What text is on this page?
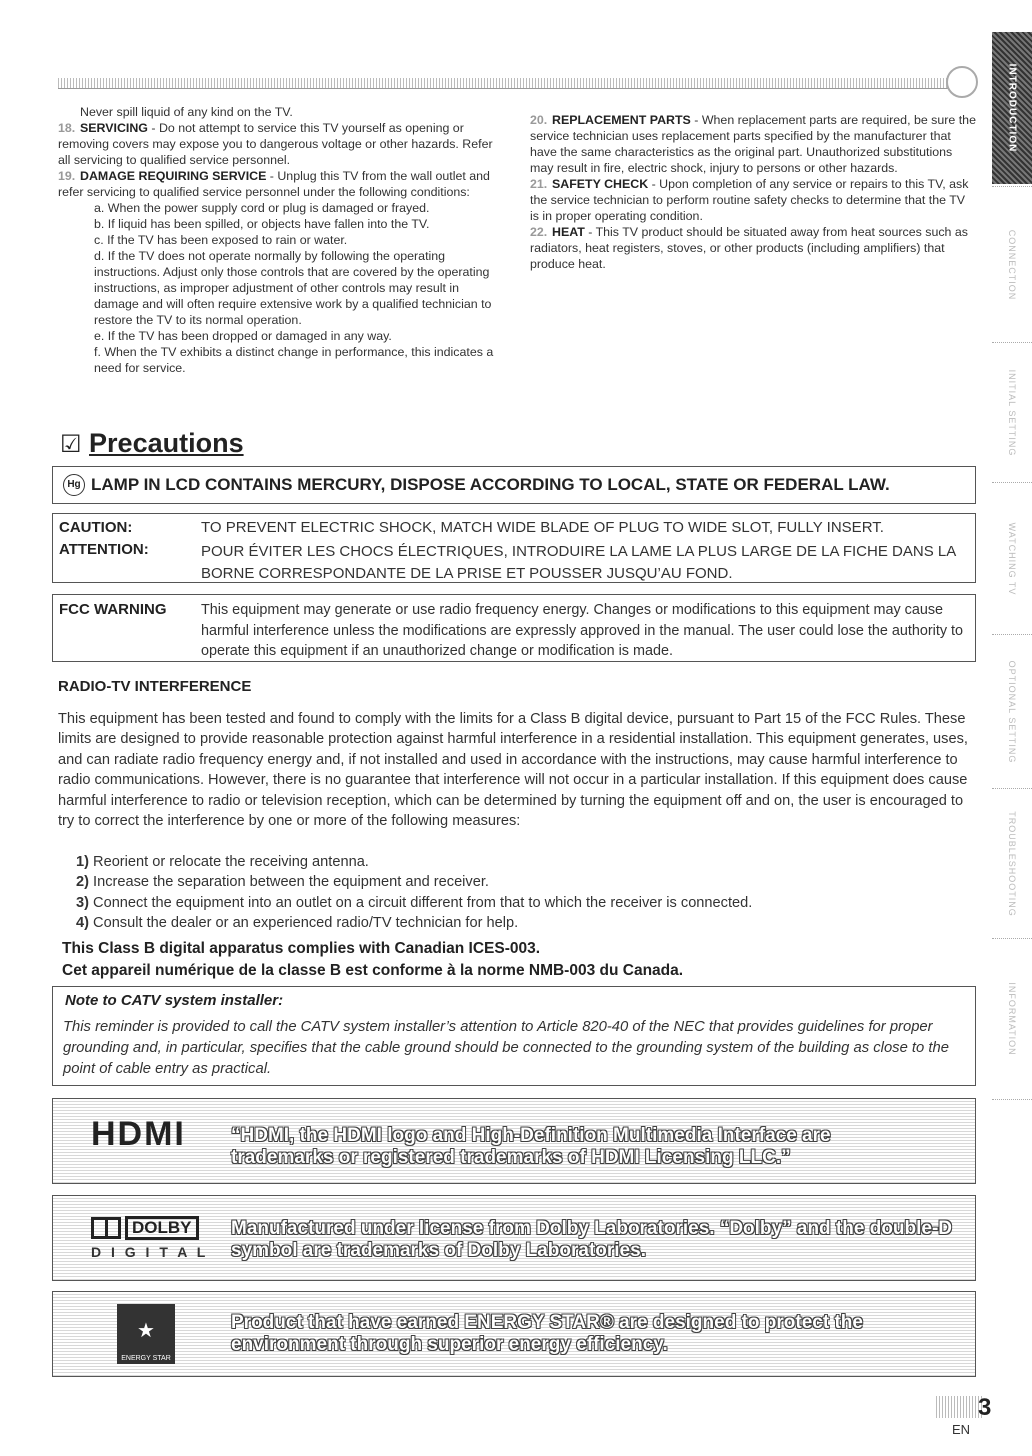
INTRODUCTION
CONNECTION
INITIAL SETTING
WATCHING TV
OPTIONAL SETTING
TROUBLESHOOTING
INFORMATION

Never spill liquid of any kind on the TV.

18. SERVICING - Do not attempt to service this TV yourself as opening or removing covers may expose you to dangerous voltage or other hazards. Refer all servicing to qualified service personnel.

19. DAMAGE REQUIRING SERVICE - Unplug this TV from the wall outlet and refer servicing to qualified service personnel under the following conditions:

a. When the power supply cord or plug is damaged or frayed.

b. If liquid has been spilled, or objects have fallen into the TV.

c. If the TV has been exposed to rain or water.

d. If the TV does not operate normally by following the operating instructions. Adjust only those controls that are covered by the operating instructions, as improper adjustment of other controls may result in damage and will often require extensive work by a qualified technician to restore the TV to its normal operation.

e. If the TV has been dropped or damaged in any way.

f. When the TV exhibits a distinct change in performance, this indicates a need for service.

20. REPLACEMENT PARTS - When replacement parts are required, be sure the service technician uses replacement parts specified by the manufacturer that have the same characteristics as the original part. Unauthorized substitutions may result in fire, electric shock, injury to persons or other hazards.

21. SAFETY CHECK - Upon completion of any service or repairs to this TV, ask the service technician to perform routine safety checks to determine that the TV is in proper operating condition.

22. HEAT - This TV product should be situated away from heat sources such as radiators, heat registers, stoves, or other products (including amplifiers) that produce heat.

☑ Precautions
Hg LAMP IN LCD CONTAINS MERCURY, DISPOSE ACCORDING TO LOCAL, STATE OR FEDERAL LAW.
CAUTION:	TO PREVENT ELECTRIC SHOCK, MATCH WIDE BLADE OF PLUG TO WIDE SLOT, FULLY INSERT.
ATTENTION:	POUR ÉVITER LES CHOCS ÉLECTRIQUES, INTRODUIRE LA LAME LA PLUS LARGE DE LA FICHE DANS LA BORNE CORRESPONDANTE DE LA PRISE ET POUSSER JUSQU’AU FOND.
FCC WARNING This equipment may generate or use radio frequency energy. Changes or modifications to this equipment may cause harmful interference unless the modifications are expressly approved in the manual. The user could lose the authority to operate this equipment if an unauthorized change or modification is made.
RADIO-TV INTERFERENCE
This equipment has been tested and found to comply with the limits for a Class B digital device, pursuant to Part 15 of the FCC Rules. These limits are designed to provide reasonable protection against harmful interference in a residential installation. This equipment generates, uses, and can radiate radio frequency energy and, if not installed and used in accordance with the instructions, may cause harmful interference to radio communications. However, there is no guarantee that interference will not occur in a particular installation. If this equipment does cause harmful interference to radio or television reception, which can be determined by turning the equipment off and on, the user is encouraged to try to correct the interference by one or more of the following measures:
1) Reorient or relocate the receiving antenna.
2) Increase the separation between the equipment and receiver.
3) Connect the equipment into an outlet on a circuit different from that to which the receiver is connected.
4) Consult the dealer or an experienced radio/TV technician for help.
This Class B digital apparatus complies with Canadian ICES-003.
Cet appareil numérique de la classe B est conforme à la norme NMB-003 du Canada.
Note to CATV system installer:
This reminder is provided to call the CATV system installer’s attention to Article 820-40 of the NEC that provides guidelines for proper grounding and, in particular, specifies that the cable ground should be connected to the grounding system of the building as close to the point of cable entry as practical.
HDMI “HDMI, the HDMI logo and High-Definition Multimedia Interface are trademarks or registered trademarks of HDMI Licensing LLC.”
DOLBY
D I G I T A L
Manufactured under license from Dolby Laboratories. “Dolby” and the double-D symbol are trademarks of Dolby Laboratories.
★
ENERGY STAR
Product that have earned ENERGY STAR® are designed to protect the environment through superior energy efficiency.
3
EN
